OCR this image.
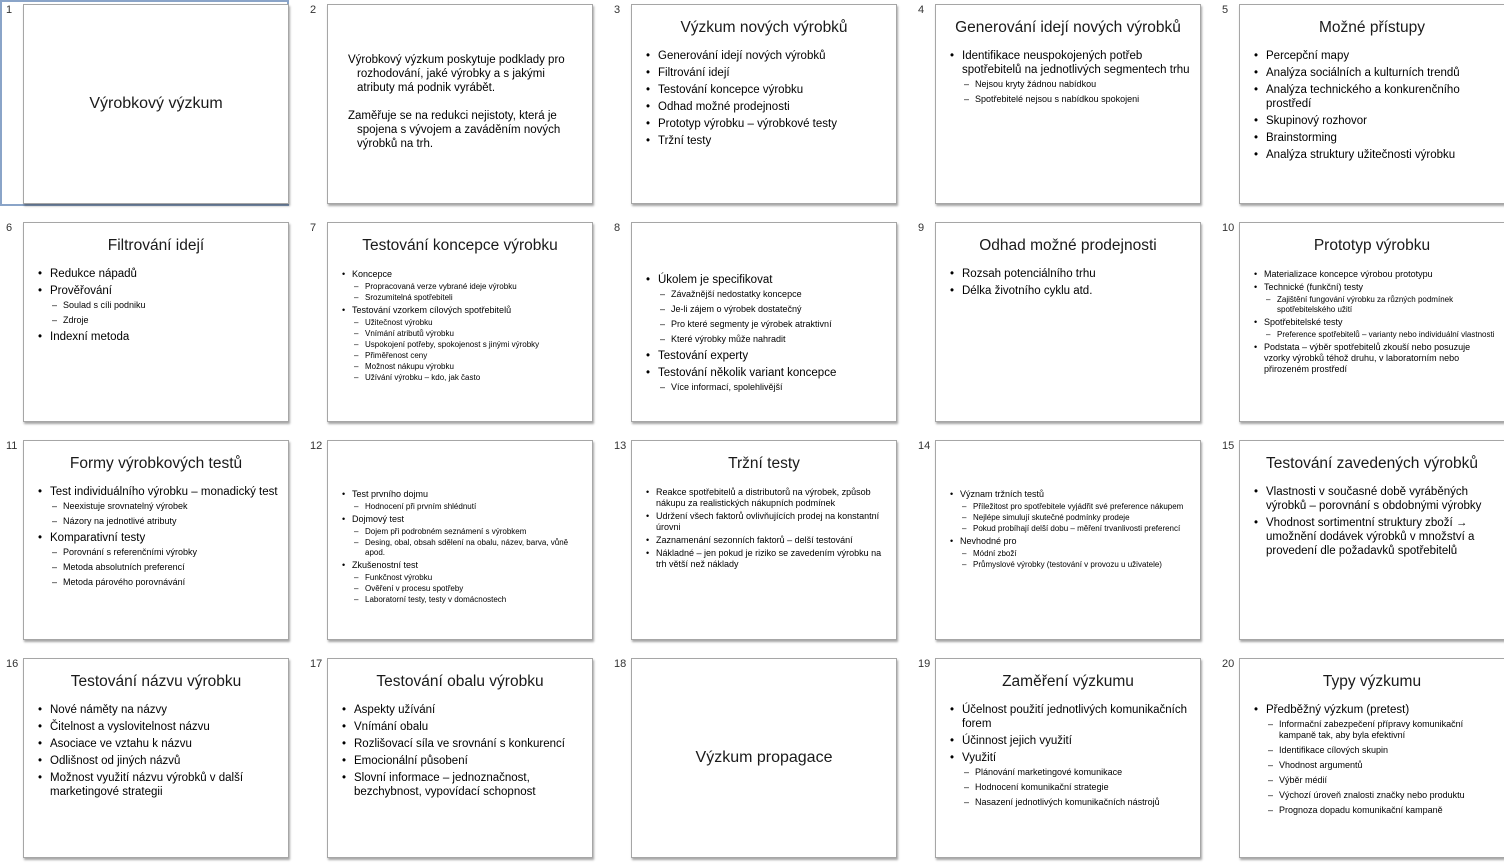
1
Výrobkový výzkum
2
Výrobkový výzkum poskytuje podklady pro rozhodování, jaké výrobky a s jakými atributy má podnik vyrábět.
Zaměřuje se na redukci nejistoty, která je spojena s vývojem a zaváděním nových výrobků na trh.
3
Výzkum nových výrobků
• Generování idejí nových výrobků
• Filtrování idejí
• Testování koncepce výrobku
• Odhad možné prodejnosti
• Prototyp výrobku – výrobkové testy
• Tržní testy
4
Generování idejí nových výrobků
• Identifikace neuspokojených potřeb spotřebitelů na jednotlivých segmentech trhu
– Nejsou kryty žádnou nabídkou
– Spotřebitelé nejsou s nabídkou spokojeni
5
Možné přístupy
• Percepční mapy
• Analýza sociálních a kulturních trendů
• Analýza technického a konkurenčního prostředí
• Skupinový rozhovor
• Brainstorming
• Analýza struktury užitečnosti výrobku
6
Filtrování idejí
• Redukce nápadů
• Prověřování
– Soulad s cíli podniku
– Zdroje
• Indexní metoda
7
Testování koncepce výrobku
• Koncepce
– Propracovaná verze vybrané ideje výrobku
– Srozumitelná spotřebiteli
• Testování vzorkem cílových spotřebitelů
– Užitečnost výrobku
– Vnímání atributů výrobku
– Uspokojení potřeby, spokojenost s jinými výrobky
– Přiměřenost ceny
– Možnost nákupu výrobku
– Užívání výrobku – kdo, jak často
8
• Úkolem je specifikovat
– Závažnější nedostatky koncepce
– Je-li zájem o výrobek dostatečný
– Pro které segmenty je výrobek atraktivní
– Které výrobky může nahradit
• Testování experty
• Testování několik variant koncepce
– Více informací, spolehlivější
9
Odhad možné prodejnosti
• Rozsah potenciálního trhu
• Délka životního cyklu atd.
10
Prototyp výrobku
• Materializace koncepce výrobou prototypu
• Technické (funkční) testy
– Zajištění fungování výrobku za různých podmínek spotřebitelského užití
• Spotřebitelské testy
– Preference spotřebitelů – varianty nebo individuální vlastnosti
• Podstata – výběr spotřebitelů zkouší nebo posuzuje vzorky výrobků téhož druhu, v laboratorním nebo přirozeném prostředí
11
Formy výrobkových testů
• Test individuálního výrobku – monadický test
– Neexistuje srovnatelný výrobek
– Názory na jednotlivé atributy
• Komparativní testy
– Porovnání s referenčními výrobky
– Metoda absolutních preferencí
– Metoda párového porovnávání
12
• Test prvního dojmu
– Hodnocení při prvním shlédnutí
• Dojmový test
– Dojem při podrobném seznámení s výrobkem
– Desing, obal, obsah sdělení na obalu, název, barva, vůně apod.
• Zkušenostní test
– Funkčnost výrobku
– Ověření v procesu spotřeby
– Laboratorní testy, testy v domácnostech
13
Tržní testy
• Reakce spotřebitelů a distributorů na výrobek, způsob nákupu za realistických nákupních podmínek
• Udržení všech faktorů ovlivňujících prodej na konstantní úrovni
• Zaznamenání sezonních faktorů – delší testování
• Nákladné – jen pokud je riziko se zavedením výrobku na trh větší než náklady
14
• Význam tržních testů
– Příležitost pro spotřebitele vyjádřit své preference nákupem
– Nejlépe simulují skutečné podmínky prodeje
– Pokud probíhají delší dobu – měření trvanlivosti preferencí
• Nevhodné pro
– Módní zboží
– Průmyslové výrobky (testování v provozu u uživatele)
15
Testování zavedených výrobků
• Vlastnosti v současné době vyráběných výrobků – porovnání s obdobnými výrobky
• Vhodnost sortimentní struktury zboží → umožnění dodávek výrobků v množství a provedení dle požadavků spotřebitelů
16
Testování názvu výrobku
• Nové náměty na názvy
• Čitelnost a vyslovitelnost názvu
• Asociace ve vztahu k názvu
• Odlišnost od jiných názvů
• Možnost využití názvu výrobků v další marketingové strategii
17
Testování obalu výrobku
• Aspekty užívání
• Vnímání obalu
• Rozlišovací síla ve srovnání s konkurencí
• Emocionální působení
• Slovní informace – jednoznačnost, bezchybnost, vypovídací schopnost
18
Výzkum propagace
19
Zaměření výzkumu
• Účelnost použití jednotlivých komunikačních forem
• Účinnost jejich využití
• Využití
– Plánování marketingové komunikace
– Hodnocení komunikační strategie
– Nasazení jednotlivých komunikačních nástrojů
20
Typy výzkumu
• Předběžný výzkum (pretest)
– Informační zabezpečení přípravy komunikační kampaně tak, aby byla efektivní
– Identifikace cílových skupin
– Vhodnost argumentů
– Výběr médií
– Výchozí úroveň znalosti značky nebo produktu
– Prognoza dopadu komunikační kampaně
